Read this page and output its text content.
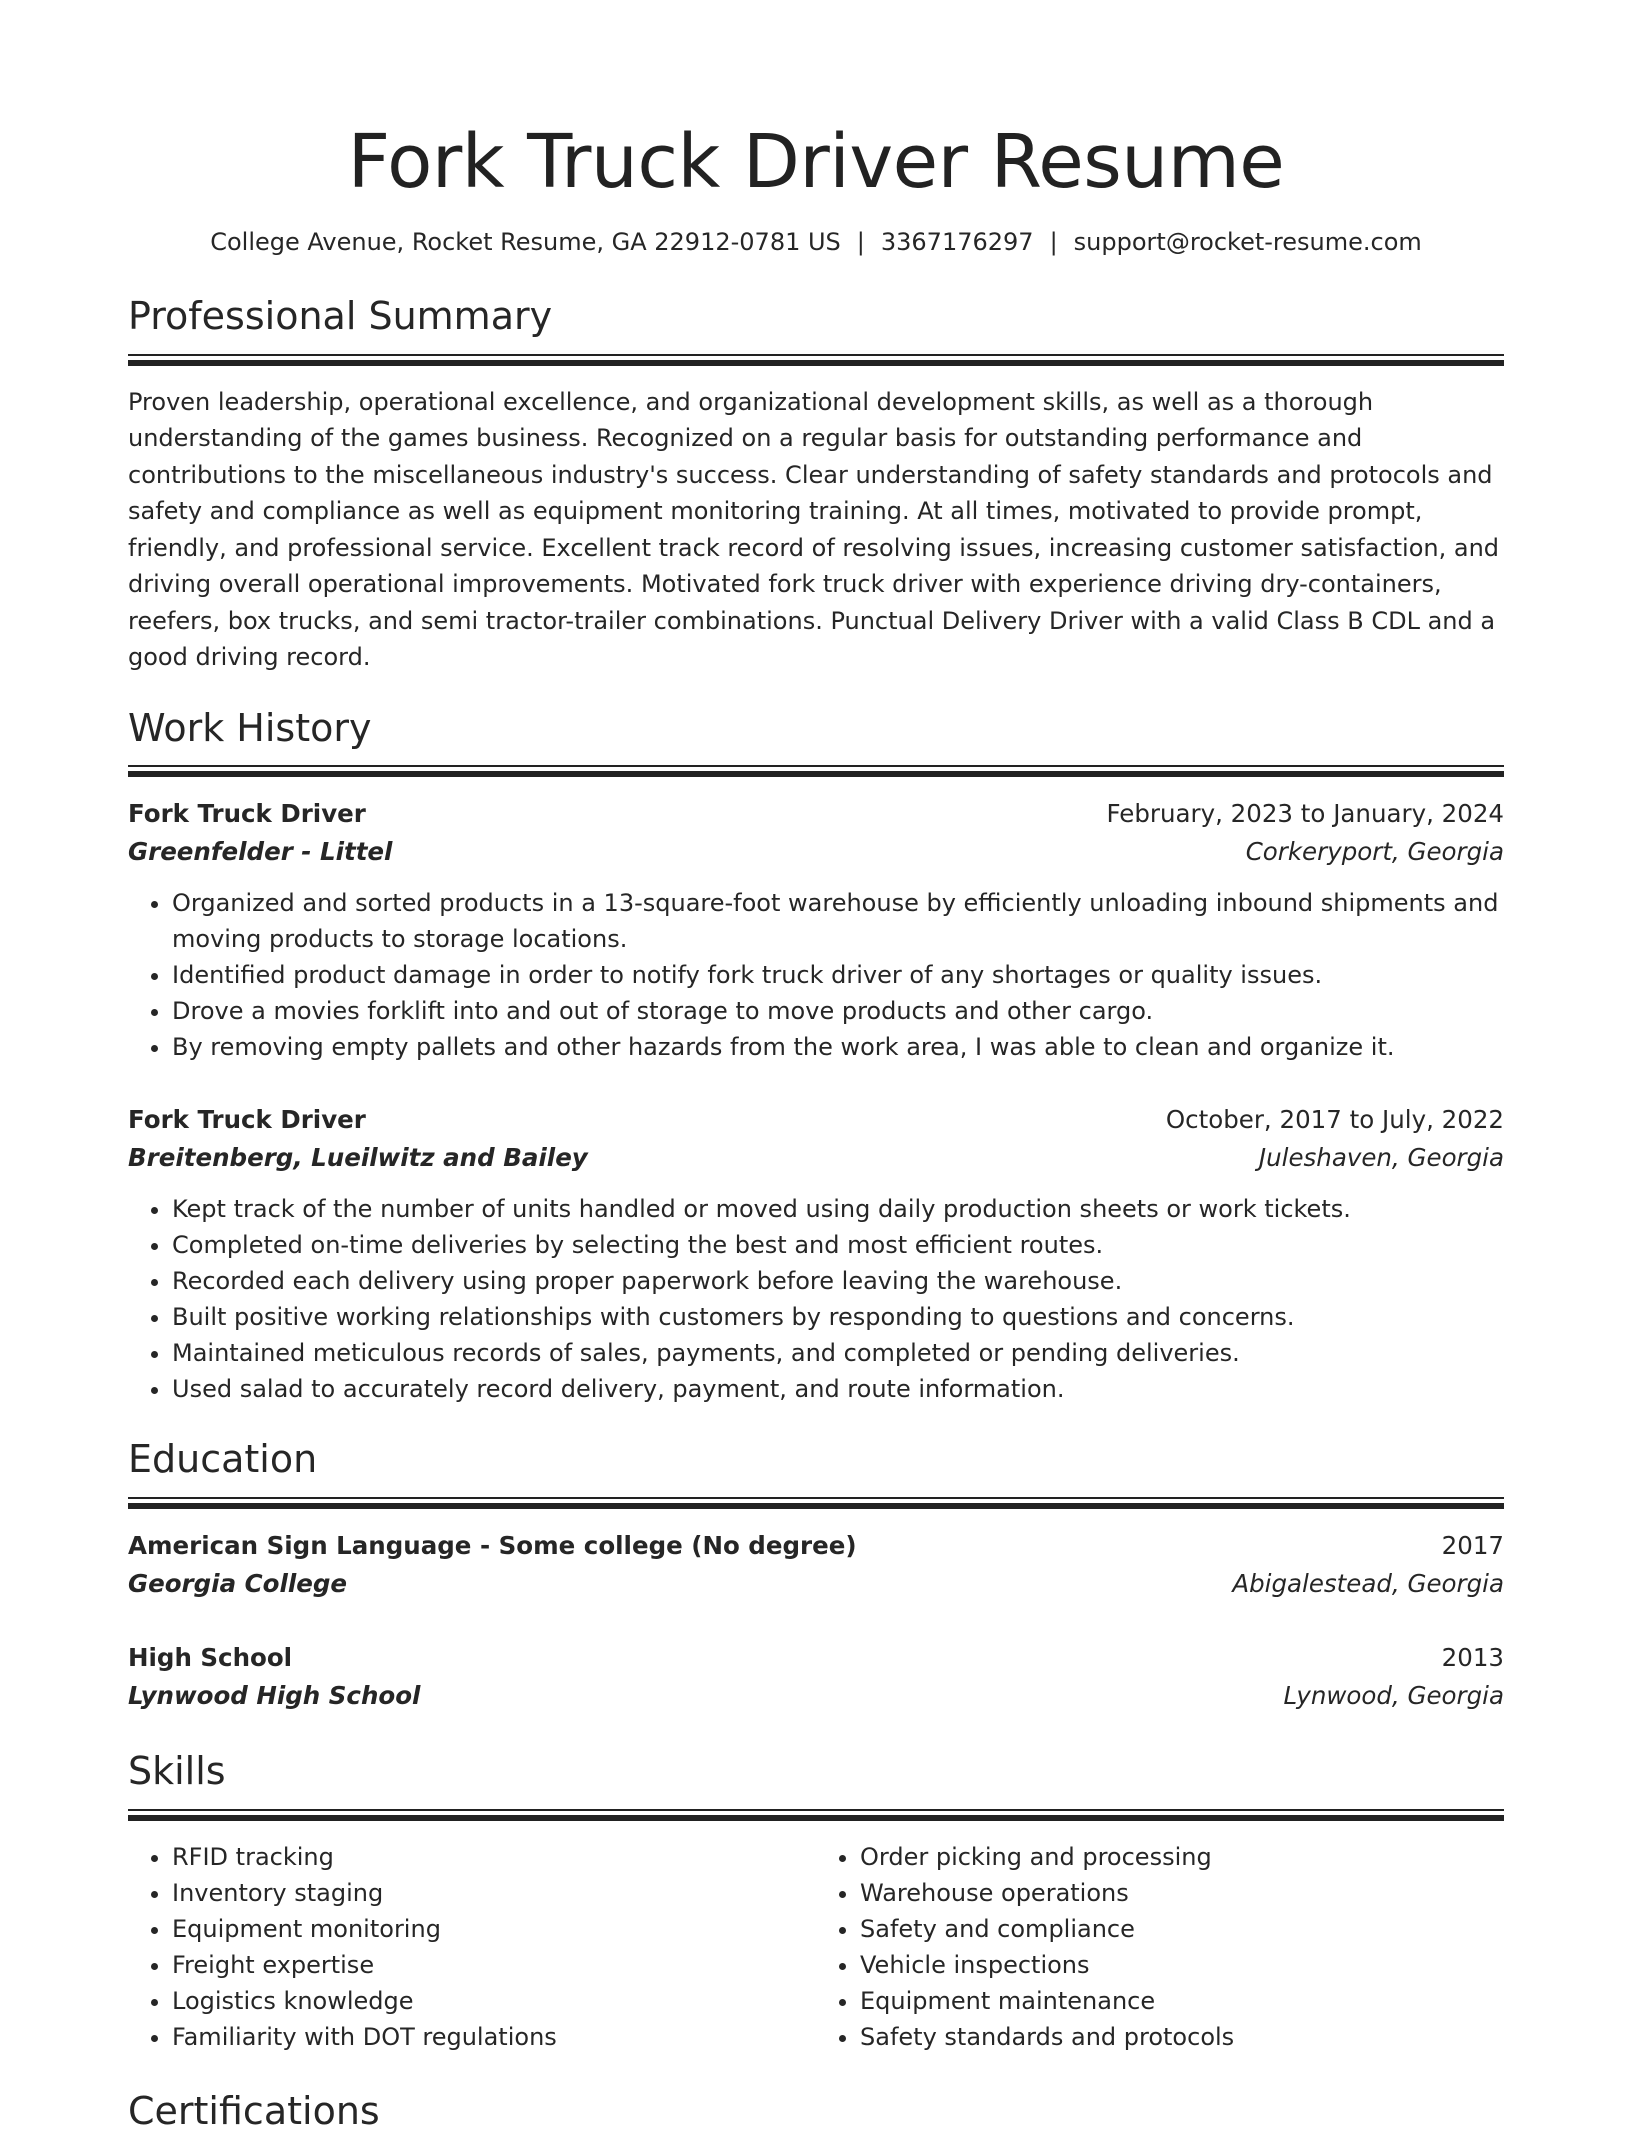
Fork Truck Driver Resume
College Avenue, Rocket Resume, GA 22912-0781 US | 3367176297 | support@rocket-resume.com
Professional Summary

Proven leadership, operational excellence, and organizational development skills, as well as a thorough understanding of the games business. Recognized on a regular basis for outstanding performance and contributions to the miscellaneous industry's success. Clear understanding of safety standards and protocols and safety and compliance as well as equipment monitoring training. At all times, motivated to provide prompt, friendly, and professional service. Excellent track record of resolving issues, increasing customer satisfaction, and driving overall operational improvements. Motivated fork truck driver with experience driving dry-containers, reefers, box trucks, and semi tractor-trailer combinations. Punctual Delivery Driver with a valid Class B CDL and a good driving record.

Work History
Fork Truck Driver	February, 2023 to January, 2024
Greenfelder - Littel	Corkeryport, Georgia
• Organized and sorted products in a 13-square-foot warehouse by efficiently unloading inbound shipments and moving products to storage locations.
• Identified product damage in order to notify fork truck driver of any shortages or quality issues.
• Drove a movies forklift into and out of storage to move products and other cargo.
• By removing empty pallets and other hazards from the work area, I was able to clean and organize it.
Fork Truck Driver	October, 2017 to July, 2022
Breitenberg, Lueilwitz and Bailey	Juleshaven, Georgia
• Kept track of the number of units handled or moved using daily production sheets or work tickets.
• Completed on-time deliveries by selecting the best and most efficient routes.
• Recorded each delivery using proper paperwork before leaving the warehouse.
• Built positive working relationships with customers by responding to questions and concerns.
• Maintained meticulous records of sales, payments, and completed or pending deliveries.
• Used salad to accurately record delivery, payment, and route information.
Education
American Sign Language - Some college (No degree)	2017
Georgia College	Abigalestead, Georgia
High School	2013
Lynwood High School	Lynwood, Georgia
Skills
• RFID tracking
• Inventory staging
• Equipment monitoring
• Freight expertise
• Logistics knowledge
• Familiarity with DOT regulations
• Order picking and processing
• Warehouse operations
• Safety and compliance
• Vehicle inspections
• Equipment maintenance
• Safety standards and protocols
Certifications
